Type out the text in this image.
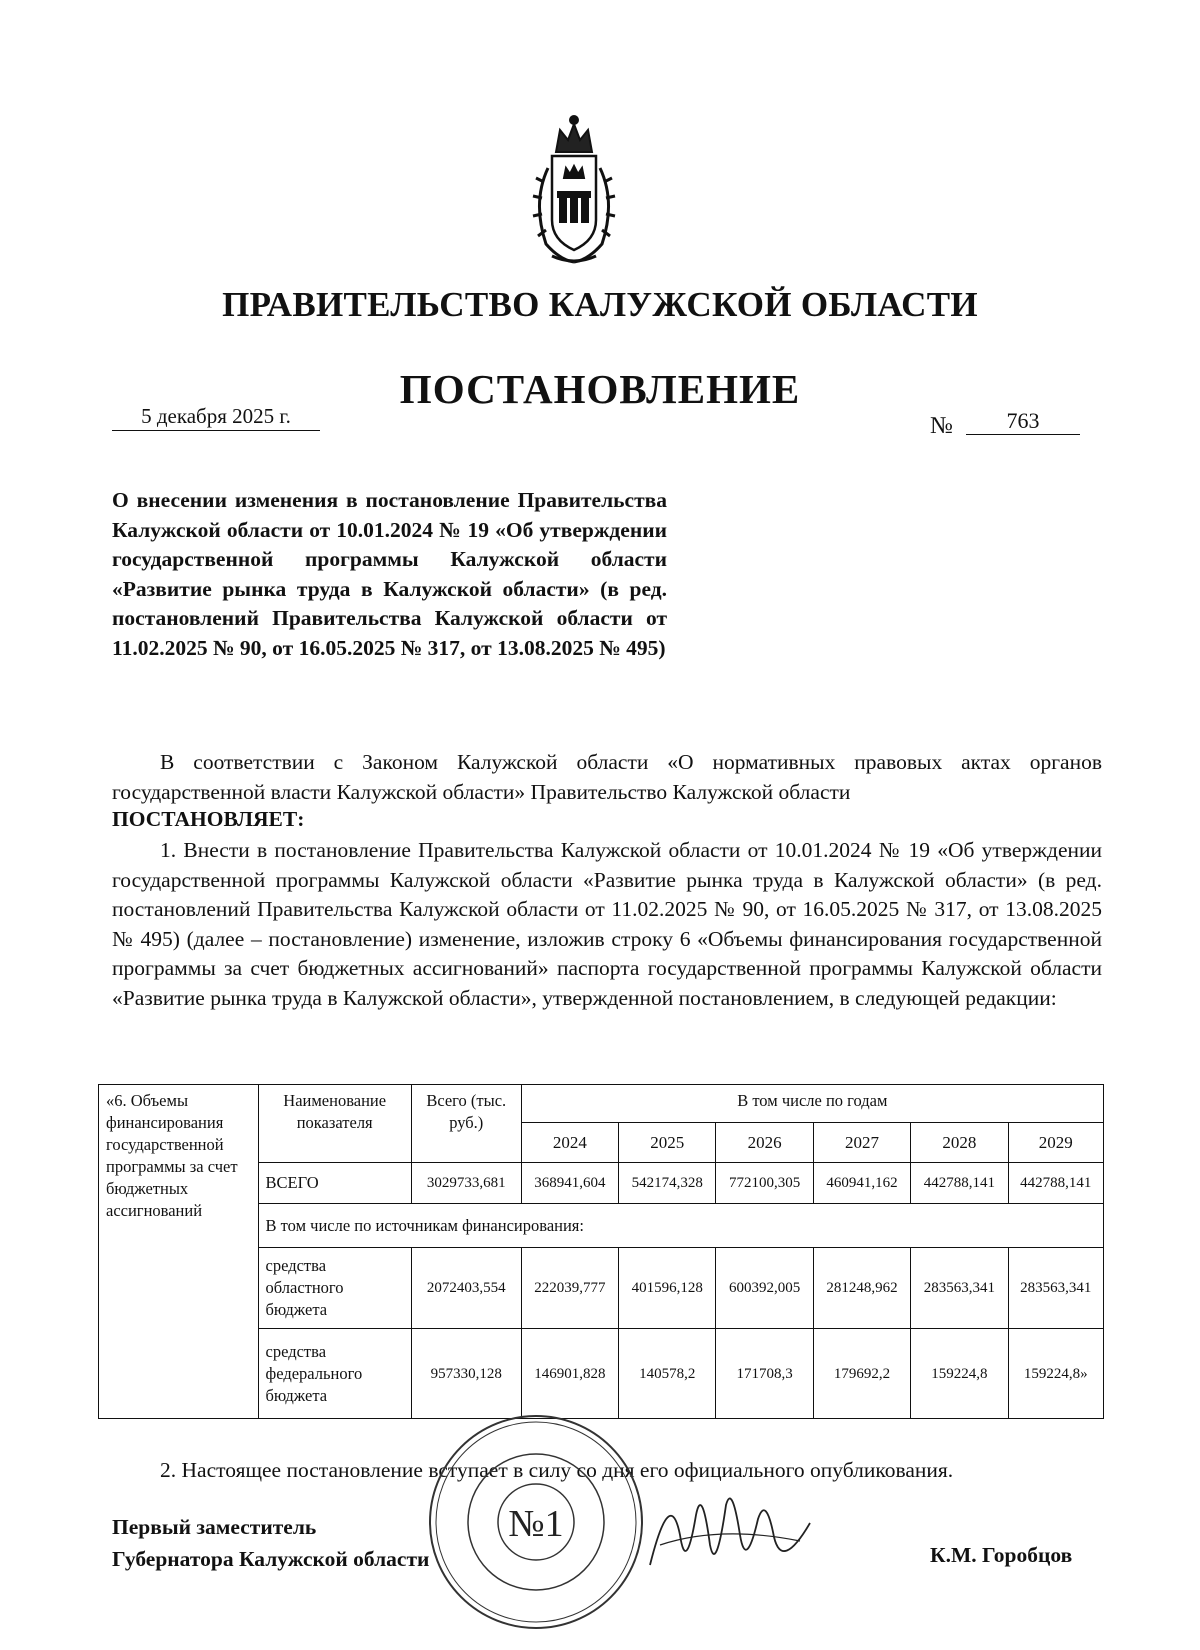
ПРАВИТЕЛЬСТВО КАЛУЖСКОЙ ОБЛАСТИ
ПОСТАНОВЛЕНИЕ
5 декабря 2025 г.	№	763
О внесении изменения в постановление Правительства Калужской области от 10.01.2024 № 19 «Об утверждении государственной программы Калужской области «Развитие рынка труда в Калужской области» (в ред. постановлений Правительства Калужской области от 11.02.2025 № 90, от 16.05.2025 № 317, от 13.08.2025 № 495)
В соответствии с Законом Калужской области «О нормативных правовых актах органов государственной власти Калужской области» Правительство Калужской области
ПОСТАНОВЛЯЕТ:
1. Внести в постановление Правительства Калужской области от 10.01.2024 № 19 «Об утверждении государственной программы Калужской области «Развитие рынка труда в Калужской области» (в ред. постановлений Правительства Калужской области от 11.02.2025 № 90, от 16.05.2025 № 317, от 13.08.2025 № 495) (далее – постановление) изменение, изложив строку 6 «Объемы финансирования государственной программы за счет бюджетных ассигнований» паспорта государственной программы Калужской области «Развитие рынка труда в Калужской области», утвержденной постановлением, в следующей редакции:
«6. Объемы финансирования государственной программы за счет бюджетных ассигнований	Наименование показателя	Всего (тыс. руб.)	В том числе по годам					
			2024	2025	2026	2027	2028	2029
	ВСЕГО	3029733,681	368941,604	542174,328	772100,305	460941,162	442788,141	442788,141
	В том числе по источникам финансирования:							
	средства областного бюджета	2072403,554	222039,777	401596,128	600392,005	281248,962	283563,341	283563,341
	средства федерального бюджета	957330,128	146901,828	140578,2	171708,3	179692,2	159224,8	159224,8»
2. Настоящее постановление вступает в силу со дня его официального опубликования.
Первый заместитель
Губернатора Калужской области	К.М. Горобцов
№1
